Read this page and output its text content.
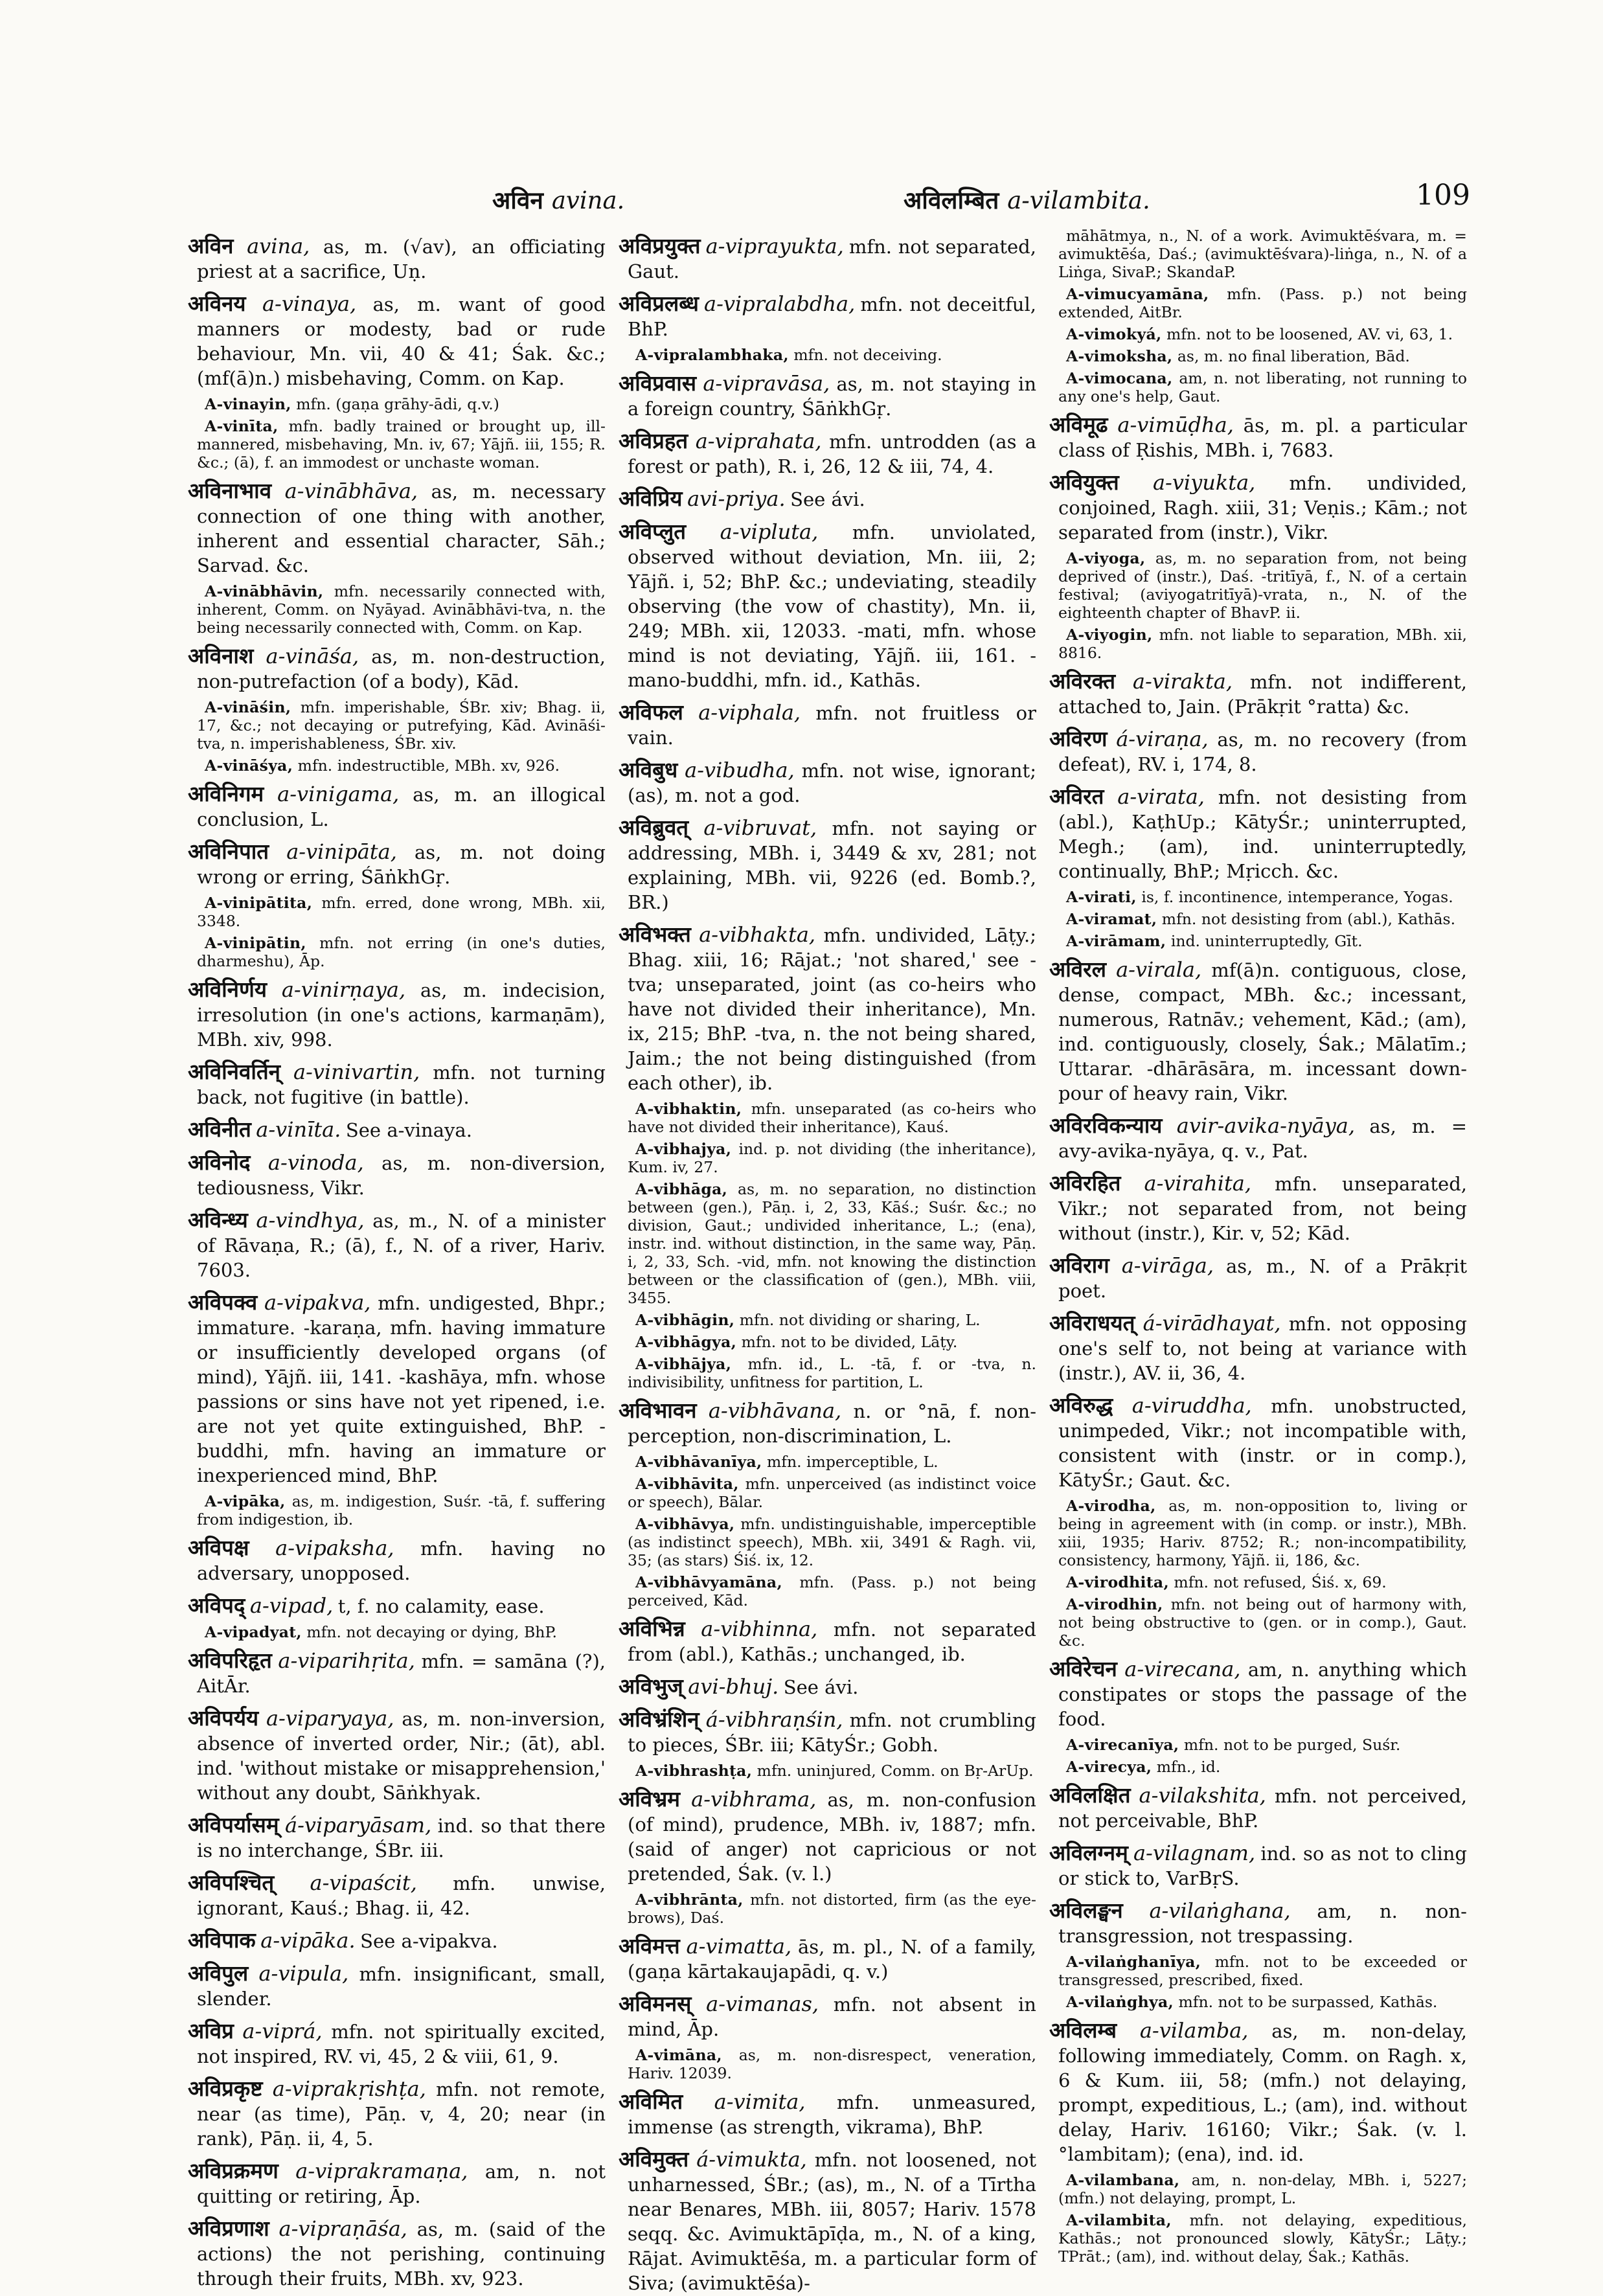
अविन avina.	अविलम्बित a-vilambita.	109

अविन avina, as, m. (√av), an officiating priest at a sacrifice, Uṇ.

अविनय a-vinaya, as, m. want of good manners or modesty, bad or rude behaviour, Mn. vii, 40 & 41; Śak. &c.; (mf(ā)n.) misbehaving, Comm. on Kap.

A-vinayin, mfn. (gaṇa grāhy-ādi, q.v.)

A-vinīta, mfn. badly trained or brought up, ill-mannered, misbehaving, Mn. iv, 67; Yājñ. iii, 155; R. &c.; (ā), f. an immodest or unchaste woman.

अविनाभाव a-vinābhāva, as, m. necessary connection of one thing with another, inherent and essential character, Sāh.; Sarvad. &c.

A-vinābhāvin, mfn. necessarily connected with, inherent, Comm. on Nyāyad. Avinābhāvi-tva, n. the being necessarily connected with, Comm. on Kap.

अविनाश a-vināśa, as, m. non-destruction, non-putrefaction (of a body), Kād.

A-vināśin, mfn. imperishable, ŚBr. xiv; Bhag. ii, 17, &c.; not decaying or putrefying, Kād. Avināśi-tva, n. imperishableness, ŚBr. xiv.

A-vināśya, mfn. indestructible, MBh. xv, 926.

अविनिगम a-vinigama, as, m. an illogical conclusion, L.

अविनिपात a-vinipāta, as, m. not doing wrong or erring, ŚāṅkhGṛ.

A-vinipātita, mfn. erred, done wrong, MBh. xii, 3348.

A-vinipātin, mfn. not erring (in one's duties, dharmeshu), Āp.

अविनिर्णय a-vinirṇaya, as, m. indecision, irresolution (in one's actions, karmaṇām), MBh. xiv, 998.

अविनिवर्तिन् a-vinivartin, mfn. not turning back, not fugitive (in battle).

अविनीत a-vinīta. See a-vinaya.

अविनोद a-vinoda, as, m. non-diversion, tediousness, Vikr.

अविन्ध्य a-vindhya, as, m., N. of a minister of Rāvaṇa, R.; (ā), f., N. of a river, Hariv. 7603.

अविपक्व a-vipakva, mfn. undigested, Bhpr.; immature. -karaṇa, mfn. having immature or insufficiently developed organs (of mind), Yājñ. iii, 141. -kashāya, mfn. whose passions or sins have not yet ripened, i.e. are not yet quite extinguished, BhP. -buddhi, mfn. having an immature or inexperienced mind, BhP.

A-vipāka, as, m. indigestion, Suśr. -tā, f. suffering from indigestion, ib.

अविपक्ष a-vipaksha, mfn. having no adversary, unopposed.

अविपद् a-vipad, t, f. no calamity, ease.

A-vipadyat, mfn. not decaying or dying, BhP.

अविपरिहृत a-viparihṛita, mfn. = samāna (?), AitĀr.

अविपर्यय a-viparyaya, as, m. non-inversion, absence of inverted order, Nir.; (āt), abl. ind. 'without mistake or misapprehension,' without any doubt, Sāṅkhyak.

अविपर्यासम् á-viparyāsam, ind. so that there is no interchange, ŚBr. iii.

अविपश्चित् a-vipaścit, mfn. unwise, ignorant, Kauś.; Bhag. ii, 42.

अविपाक a-vipāka. See a-vipakva.

अविपुल a-vipula, mfn. insignificant, small, slender.

अविप्र a-viprá, mfn. not spiritually excited, not inspired, RV. vi, 45, 2 & viii, 61, 9.

अविप्रकृष्ट a-viprakṛishṭa, mfn. not remote, near (as time), Pāṇ. v, 4, 20; near (in rank), Pāṇ. ii, 4, 5.

अविप्रक्रमण a-viprakramaṇa, am, n. not quitting or retiring, Āp.

अविप्रणाश a-vipraṇāśa, as, m. (said of the actions) the not perishing, continuing through their fruits, MBh. xv, 923.

अविप्रयुक्त a-viprayukta, mfn. not separated, Gaut.

अविप्रलब्ध a-vipralabdha, mfn. not deceitful, BhP.

A-vipralambhaka, mfn. not deceiving.

अविप्रवास a-vipravāsa, as, m. not staying in a foreign country, ŚāṅkhGṛ.

अविप्रहत a-viprahata, mfn. untrodden (as a forest or path), R. i, 26, 12 & iii, 74, 4.

अविप्रिय avi-priya. See ávi.

अविप्लुत a-vipluta, mfn. unviolated, observed without deviation, Mn. iii, 2; Yājñ. i, 52; BhP. &c.; undeviating, steadily observing (the vow of chastity), Mn. ii, 249; MBh. xii, 12033. -mati, mfn. whose mind is not deviating, Yājñ. iii, 161. -mano-buddhi, mfn. id., Kathās.

अविफल a-viphala, mfn. not fruitless or vain.

अविबुध a-vibudha, mfn. not wise, ignorant; (as), m. not a god.

अविब्रुवत् a-vibruvat, mfn. not saying or addressing, MBh. i, 3449 & xv, 281; not explaining, MBh. vii, 9226 (ed. Bomb.?, BR.)

अविभक्त a-vibhakta, mfn. undivided, Lāṭy.; Bhag. xiii, 16; Rājat.; 'not shared,' see -tva; unseparated, joint (as co-heirs who have not divided their inheritance), Mn. ix, 215; BhP. -tva, n. the not being shared, Jaim.; the not being distinguished (from each other), ib.

A-vibhaktin, mfn. unseparated (as co-heirs who have not divided their inheritance), Kauś.

A-vibhajya, ind. p. not dividing (the inheritance), Kum. iv, 27.

A-vibhāga, as, m. no separation, no distinction between (gen.), Pāṇ. i, 2, 33, Kāś.; Suśr. &c.; no division, Gaut.; undivided inheritance, L.; (ena), instr. ind. without distinction, in the same way, Pāṇ. i, 2, 33, Sch. -vid, mfn. not knowing the distinction between or the classification of (gen.), MBh. viii, 3455.

A-vibhāgin, mfn. not dividing or sharing, L.

A-vibhāgya, mfn. not to be divided, Lāṭy.

A-vibhājya, mfn. id., L. -tā, f. or -tva, n. indivisibility, unfitness for partition, L.

अविभावन a-vibhāvana, n. or °nā, f. non-perception, non-discrimination, L.

A-vibhāvanīya, mfn. imperceptible, L.

A-vibhāvita, mfn. unperceived (as indistinct voice or speech), Bālar.

A-vibhāvya, mfn. undistinguishable, imperceptible (as indistinct speech), MBh. xii, 3491 & Ragh. vii, 35; (as stars) Śiś. ix, 12.

A-vibhāvyamāna, mfn. (Pass. p.) not being perceived, Kād.

अविभिन्न a-vibhinna, mfn. not separated from (abl.), Kathās.; unchanged, ib.

अविभुज् avi-bhuj. See ávi.

अविभ्रंशिन् á-vibhraṇśin, mfn. not crumbling to pieces, ŚBr. iii; KātyŚr.; Gobh.

A-vibhrashṭa, mfn. uninjured, Comm. on Bṛ-ArUp.

अविभ्रम a-vibhrama, as, m. non-confusion (of mind), prudence, MBh. iv, 1887; mfn. (said of anger) not capricious or not pretended, Śak. (v. l.)

A-vibhrānta, mfn. not distorted, firm (as the eye-brows), Daś.

अविमत्त a-vimatta, ās, m. pl., N. of a family, (gaṇa kārtakaujapādi, q. v.)

अविमनस् a-vimanas, mfn. not absent in mind, Āp.

A-vimāna, as, m. non-disrespect, veneration, Hariv. 12039.

अविमित a-vimita, mfn. unmeasured, immense (as strength, vikrama), BhP.

अविमुक्त á-vimukta, mfn. not loosened, not unharnessed, ŚBr.; (as), m., N. of a Tīrtha near Benares, MBh. iii, 8057; Hariv. 1578 seqq. &c. Avimuktāpīḍa, m., N. of a king, Rājat. Avimuktēśa, m. a particular form of Siva; (avimuktēśa)-

māhātmya, n., N. of a work. Avimuktēśvara, m. = avimuktēśa, Daś.; (avimuktēśvara)-liṅga, n., N. of a Liṅga, SivaP.; SkandaP.

A-vimucyamāna, mfn. (Pass. p.) not being extended, AitBr.

A-vimokyá, mfn. not to be loosened, AV. vi, 63, 1.

A-vimoksha, as, m. no final liberation, Bād.

A-vimocana, am, n. not liberating, not running to any one's help, Gaut.

अविमूढ a-vimūḍha, ās, m. pl. a particular class of Ṛishis, MBh. i, 7683.

अवियुक्त a-viyukta, mfn. undivided, conjoined, Ragh. xiii, 31; Veṇis.; Kām.; not separated from (instr.), Vikr.

A-viyoga, as, m. no separation from, not being deprived of (instr.), Daś. -tritīyā, f., N. of a certain festival; (aviyogatritīyā)-vrata, n., N. of the eighteenth chapter of BhavP. ii.

A-viyogin, mfn. not liable to separation, MBh. xii, 8816.

अविरक्त a-virakta, mfn. not indifferent, attached to, Jain. (Prākṛit °ratta) &c.

अविरण á-viraṇa, as, m. no recovery (from defeat), RV. i, 174, 8.

अविरत a-virata, mfn. not desisting from (abl.), KaṭhUp.; KātyŚr.; uninterrupted, Megh.; (am), ind. uninterruptedly, continually, BhP.; Mṛicch. &c.

A-virati, is, f. incontinence, intemperance, Yogas.

A-viramat, mfn. not desisting from (abl.), Kathās.

A-virāmam, ind. uninterruptedly, Gīt.

अविरल a-virala, mf(ā)n. contiguous, close, dense, compact, MBh. &c.; incessant, numerous, Ratnāv.; vehement, Kād.; (am), ind. contiguously, closely, Śak.; Mālatīm.; Uttarar. -dhārāsāra, m. incessant down-pour of heavy rain, Vikr.

अविरविकन्याय avir-avika-nyāya, as, m. = avy-avika-nyāya, q. v., Pat.

अविरहित a-virahita, mfn. unseparated, Vikr.; not separated from, not being without (instr.), Kir. v, 52; Kād.

अविराग a-virāga, as, m., N. of a Prākṛit poet.

अविराधयत् á-virādhayat, mfn. not opposing one's self to, not being at variance with (instr.), AV. ii, 36, 4.

अविरुद्ध a-viruddha, mfn. unobstructed, unimpeded, Vikr.; not incompatible with, consistent with (instr. or in comp.), KātyŚr.; Gaut. &c.

A-virodha, as, m. non-opposition to, living or being in agreement with (in comp. or instr.), MBh. xiii, 1935; Hariv. 8752; R.; non-incompatibility, consistency, harmony, Yājñ. ii, 186, &c.

A-virodhita, mfn. not refused, Śiś. x, 69.

A-virodhin, mfn. not being out of harmony with, not being obstructive to (gen. or in comp.), Gaut. &c.

अविरेचन a-virecana, am, n. anything which constipates or stops the passage of the food.

A-virecanīya, mfn. not to be purged, Suśr.

A-virecya, mfn., id.

अविलक्षित a-vilakshita, mfn. not perceived, not perceivable, BhP.

अविलग्नम् a-vilagnam, ind. so as not to cling or stick to, VarBṛS.

अविलङ्घन a-vilaṅghana, am, n. non-transgression, not trespassing.

A-vilaṅghanīya, mfn. not to be exceeded or transgressed, prescribed, fixed.

A-vilaṅghya, mfn. not to be surpassed, Kathās.

अविलम्ब a-vilamba, as, m. non-delay, following immediately, Comm. on Ragh. x, 6 & Kum. iii, 58; (mfn.) not delaying, prompt, expeditious, L.; (am), ind. without delay, Hariv. 16160; Vikr.; Śak. (v. l. °lambitam); (ena), ind. id.

A-vilambana, am, n. non-delay, MBh. i, 5227; (mfn.) not delaying, prompt, L.

A-vilambita, mfn. not delaying, expeditious, Kathās.; not pronounced slowly, KātyŚr.; Lāṭy.; TPrāt.; (am), ind. without delay, Śak.; Kathās.
